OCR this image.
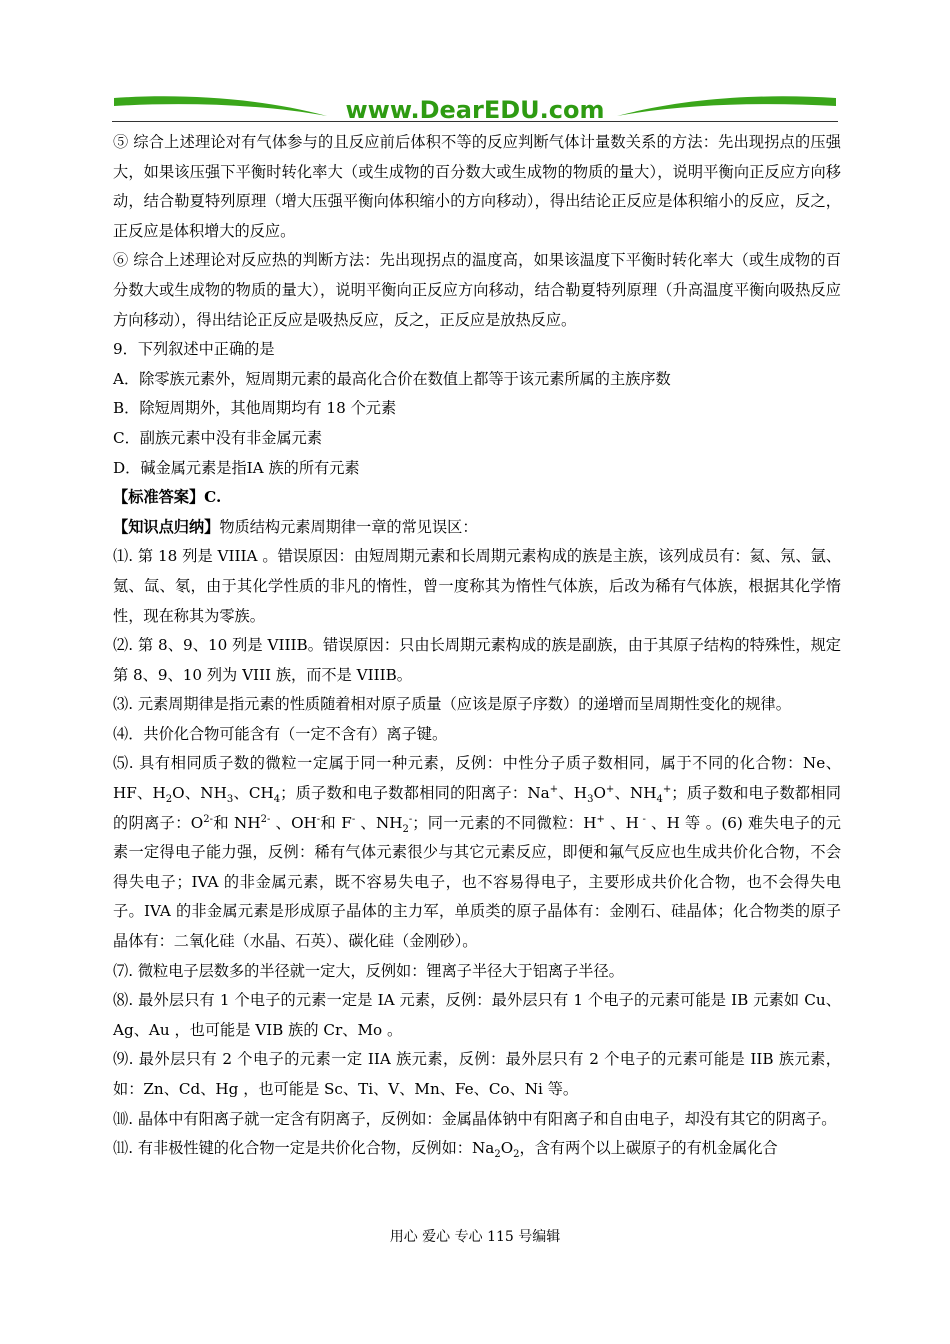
www.DearEDU.com

⑤ 综合上述理论对有气体参与的且反应前后体积不等的反应判断气体计量数关系的方法：先出现拐点的压强大，如果该压强下平衡时转化率大（或生成物的百分数大或生成物的物质的量大），说明平衡向正反应方向移动，结合勒夏特列原理（增大压强平衡向体积缩小的方向移动），得出结论正反应是体积缩小的反应，反之，正反应是体积增大的反应。

⑥ 综合上述理论对反应热的判断方法：先出现拐点的温度高，如果该温度下平衡时转化率大（或生成物的百分数大或生成物的物质的量大），说明平衡向正反应方向移动，结合勒夏特列原理（升高温度平衡向吸热反应方向移动），得出结论正反应是吸热反应，反之，正反应是放热反应。

9．下列叙述中正确的是

A．除零族元素外，短周期元素的最高化合价在数值上都等于该元素所属的主族序数

B．除短周期外，其他周期均有 18 个元素

C．副族元素中没有非金属元素

D．碱金属元素是指ⅠA 族的所有元素

【标准答案】C.

【知识点归纳】物质结构元素周期律一章的常见误区：

⑴. 第 18 列是 VIIIA 。错误原因：由短周期元素和长周期元素构成的族是主族，该列成员有：氦、氖、氩、氪、氙、氡，由于其化学性质的非凡的惰性，曾一度称其为惰性气体族，后改为稀有气体族，根据其化学惰性，现在称其为零族。

⑵. 第 8、9、10 列是 VIIIB。错误原因：只由长周期元素构成的族是副族，由于其原子结构的特殊性，规定第 8、9、10 列为 VIII 族，而不是 VIIIB。

⑶. 元素周期律是指元素的性质随着相对原子质量（应该是原子序数）的递增而呈周期性变化的规律。

⑷．共价化合物可能含有（一定不含有）离子键。

⑸. 具有相同质子数的微粒一定属于同一种元素，反例：中性分子质子数相同，属于不同的化合物：Ne、HF、$H_2O$、$NH_3$、$CH_4$；质子数和电子数都相同的阳离子：Na+、$H_3O^+$、$NH_4^+$；质子数和电子数都相同的阴离子：$O^{2-}$和 $NH^{2-}$ 、OH-和 F- 、$NH_2^-$；同一元素的不同微粒：H+ 、H - 、H 等 。(6) 难失电子的元素一定得电子能力强，反例：稀有气体元素很少与其它元素反应，即便和氟气反应也生成共价化合物，不会得失电子；IVA 的非金属元素，既不容易失电子，也不容易得电子，主要形成共价化合物，也不会得失电子。IVA 的非金属元素是形成原子晶体的主力军，单质类的原子晶体有：金刚石、硅晶体；化合物类的原子晶体有：二氧化硅（水晶、石英）、碳化硅（金刚砂）。

⑺. 微粒电子层数多的半径就一定大，反例如：锂离子半径大于铝离子半径。

⑻. 最外层只有 1 个电子的元素一定是 IA 元素，反例：最外层只有 1 个电子的元素可能是 IB 元素如 Cu、Ag、Au ，也可能是 VIB 族的 Cr、Mo 。

⑼. 最外层只有 2 个电子的元素一定 IIA 族元素，反例：最外层只有 2 个电子的元素可能是 IIB 族元素，如：Zn、Cd、Hg ，也可能是 Sc、Ti、V、Mn、Fe、Co、Ni 等。

⑽. 晶体中有阳离子就一定含有阴离子，反例如：金属晶体钠中有阳离子和自由电子，却没有其它的阴离子。

⑾. 有非极性键的化合物一定是共价化合物，反例如：$Na_2O_2$，含有两个以上碳原子的有机金属化合

用心 爱心 专心 115 号编辑
